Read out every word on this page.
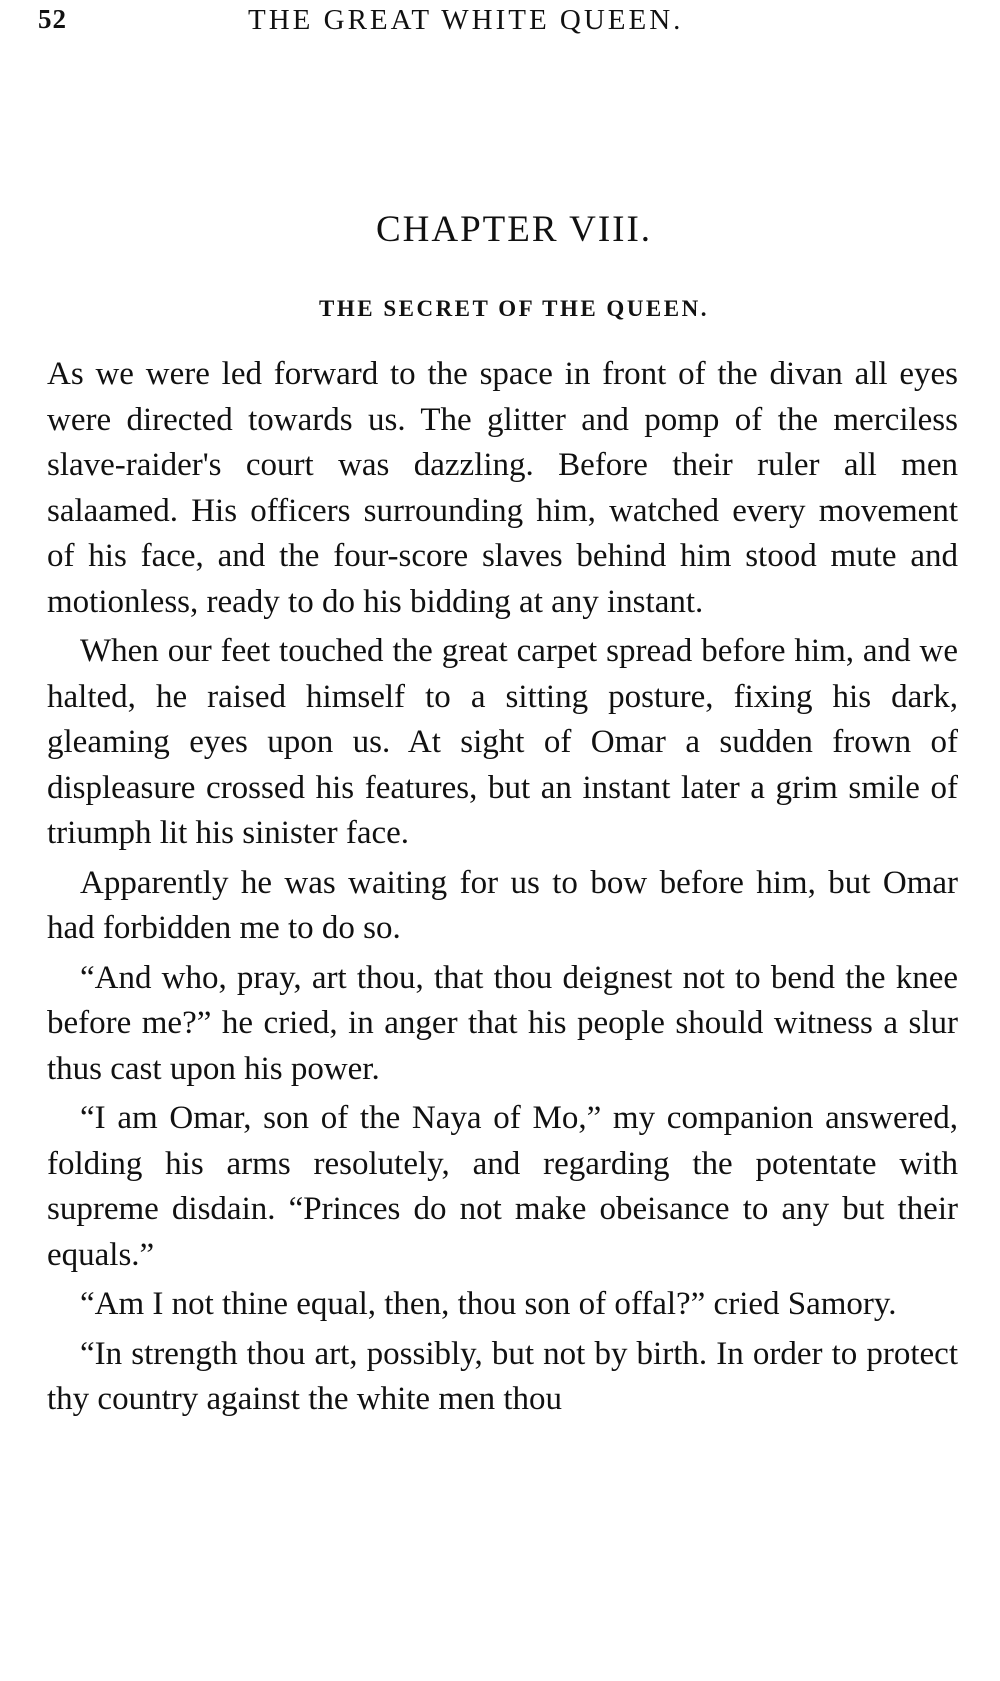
52	THE GREAT WHITE QUEEN.
CHAPTER VIII.
THE SECRET OF THE QUEEN.

As we were led forward to the space in front of the divan all eyes were directed towards us. The glitter and pomp of the merciless slave-raider's court was dazzling. Before their ruler all men salaamed. His officers surrounding him, watched every movement of his face, and the four-score slaves behind him stood mute and motionless, ready to do his bidding at any instant.

When our feet touched the great carpet spread before him, and we halted, he raised himself to a sitting posture, fixing his dark, gleaming eyes upon us. At sight of Omar a sudden frown of displeasure crossed his features, but an instant later a grim smile of triumph lit his sinister face.

Apparently he was waiting for us to bow before him, but Omar had forbidden me to do so.

“And who, pray, art thou, that thou deignest not to bend the knee before me?” he cried, in anger that his people should witness a slur thus cast upon his power.

“I am Omar, son of the Naya of Mo,” my companion answered, folding his arms resolutely, and regarding the potentate with supreme disdain. “Princes do not make obeisance to any but their equals.”

“Am I not thine equal, then, thou son of offal?” cried Samory.

“In strength thou art, possibly, but not by birth. In order to protect thy country against the white men thou
